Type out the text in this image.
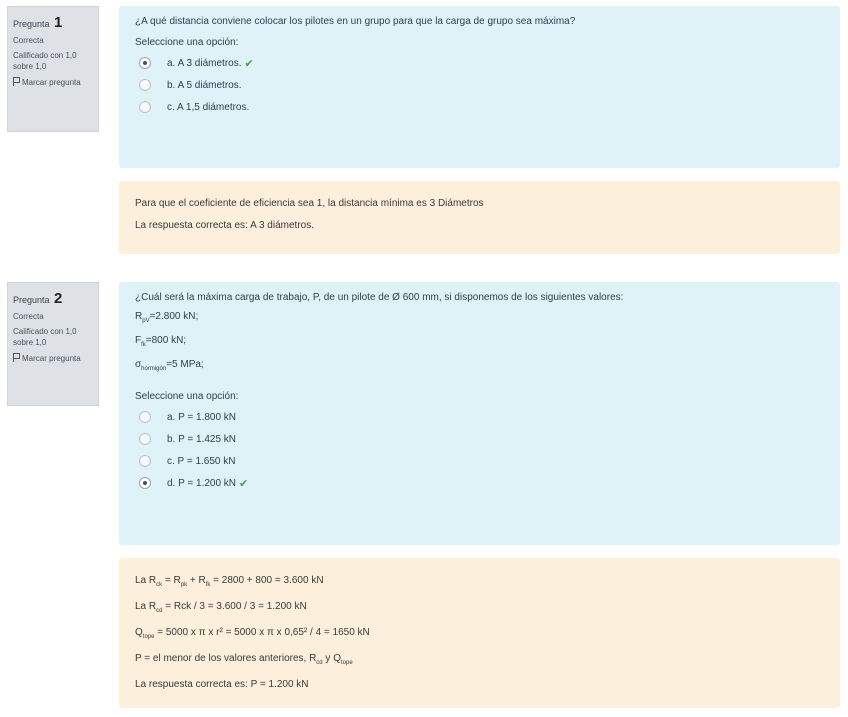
Pregunta 1
Correcta
Calificado con 1,0 sobre 1,0
Marcar pregunta
¿A qué distancia conviene colocar los pilotes en un grupo para que la carga de grupo sea máxima?
Seleccione una opción:
a. A 3 diámetros. ✔
b. A 5 diámetros.
c. A 1,5 diámetros.
Para que el coeficiente de eficiencia sea 1, la distancia mínima es 3 Diámetros
La respuesta correcta es: A 3 diámetros.
Pregunta 2
Correcta
Calificado con 1,0 sobre 1,0
Marcar pregunta
¿Cuál será la máxima carga de trabajo, P, de un pilote de Ø 600 mm, si disponemos de los siguientes valores:
$R_{pV}=2.800$ kN;
$F_{fk}=800$ kN;
$\sigma_{hormigón}=5$ MPa;
Seleccione una opción:
a. P = 1.800 kN
b. P = 1.425 kN
c. P = 1.650 kN
d. P = 1.200 kN ✔
La $R_{ck} = R_{pk} + R_{fk} = 2800 + 800 = 3.600$ kN
La $R_{cd}$ = Rck / 3 = 3.600 / 3 = 1.200 kN
$Q_{tope} = 5000$ x π x r² = 5000 x π x 0,65² / 4 = 1650 kN
P = el menor de los valores anteriores, $R_{cd}$ y $Q_{tope}$
La respuesta correcta es: P = 1.200 kN
